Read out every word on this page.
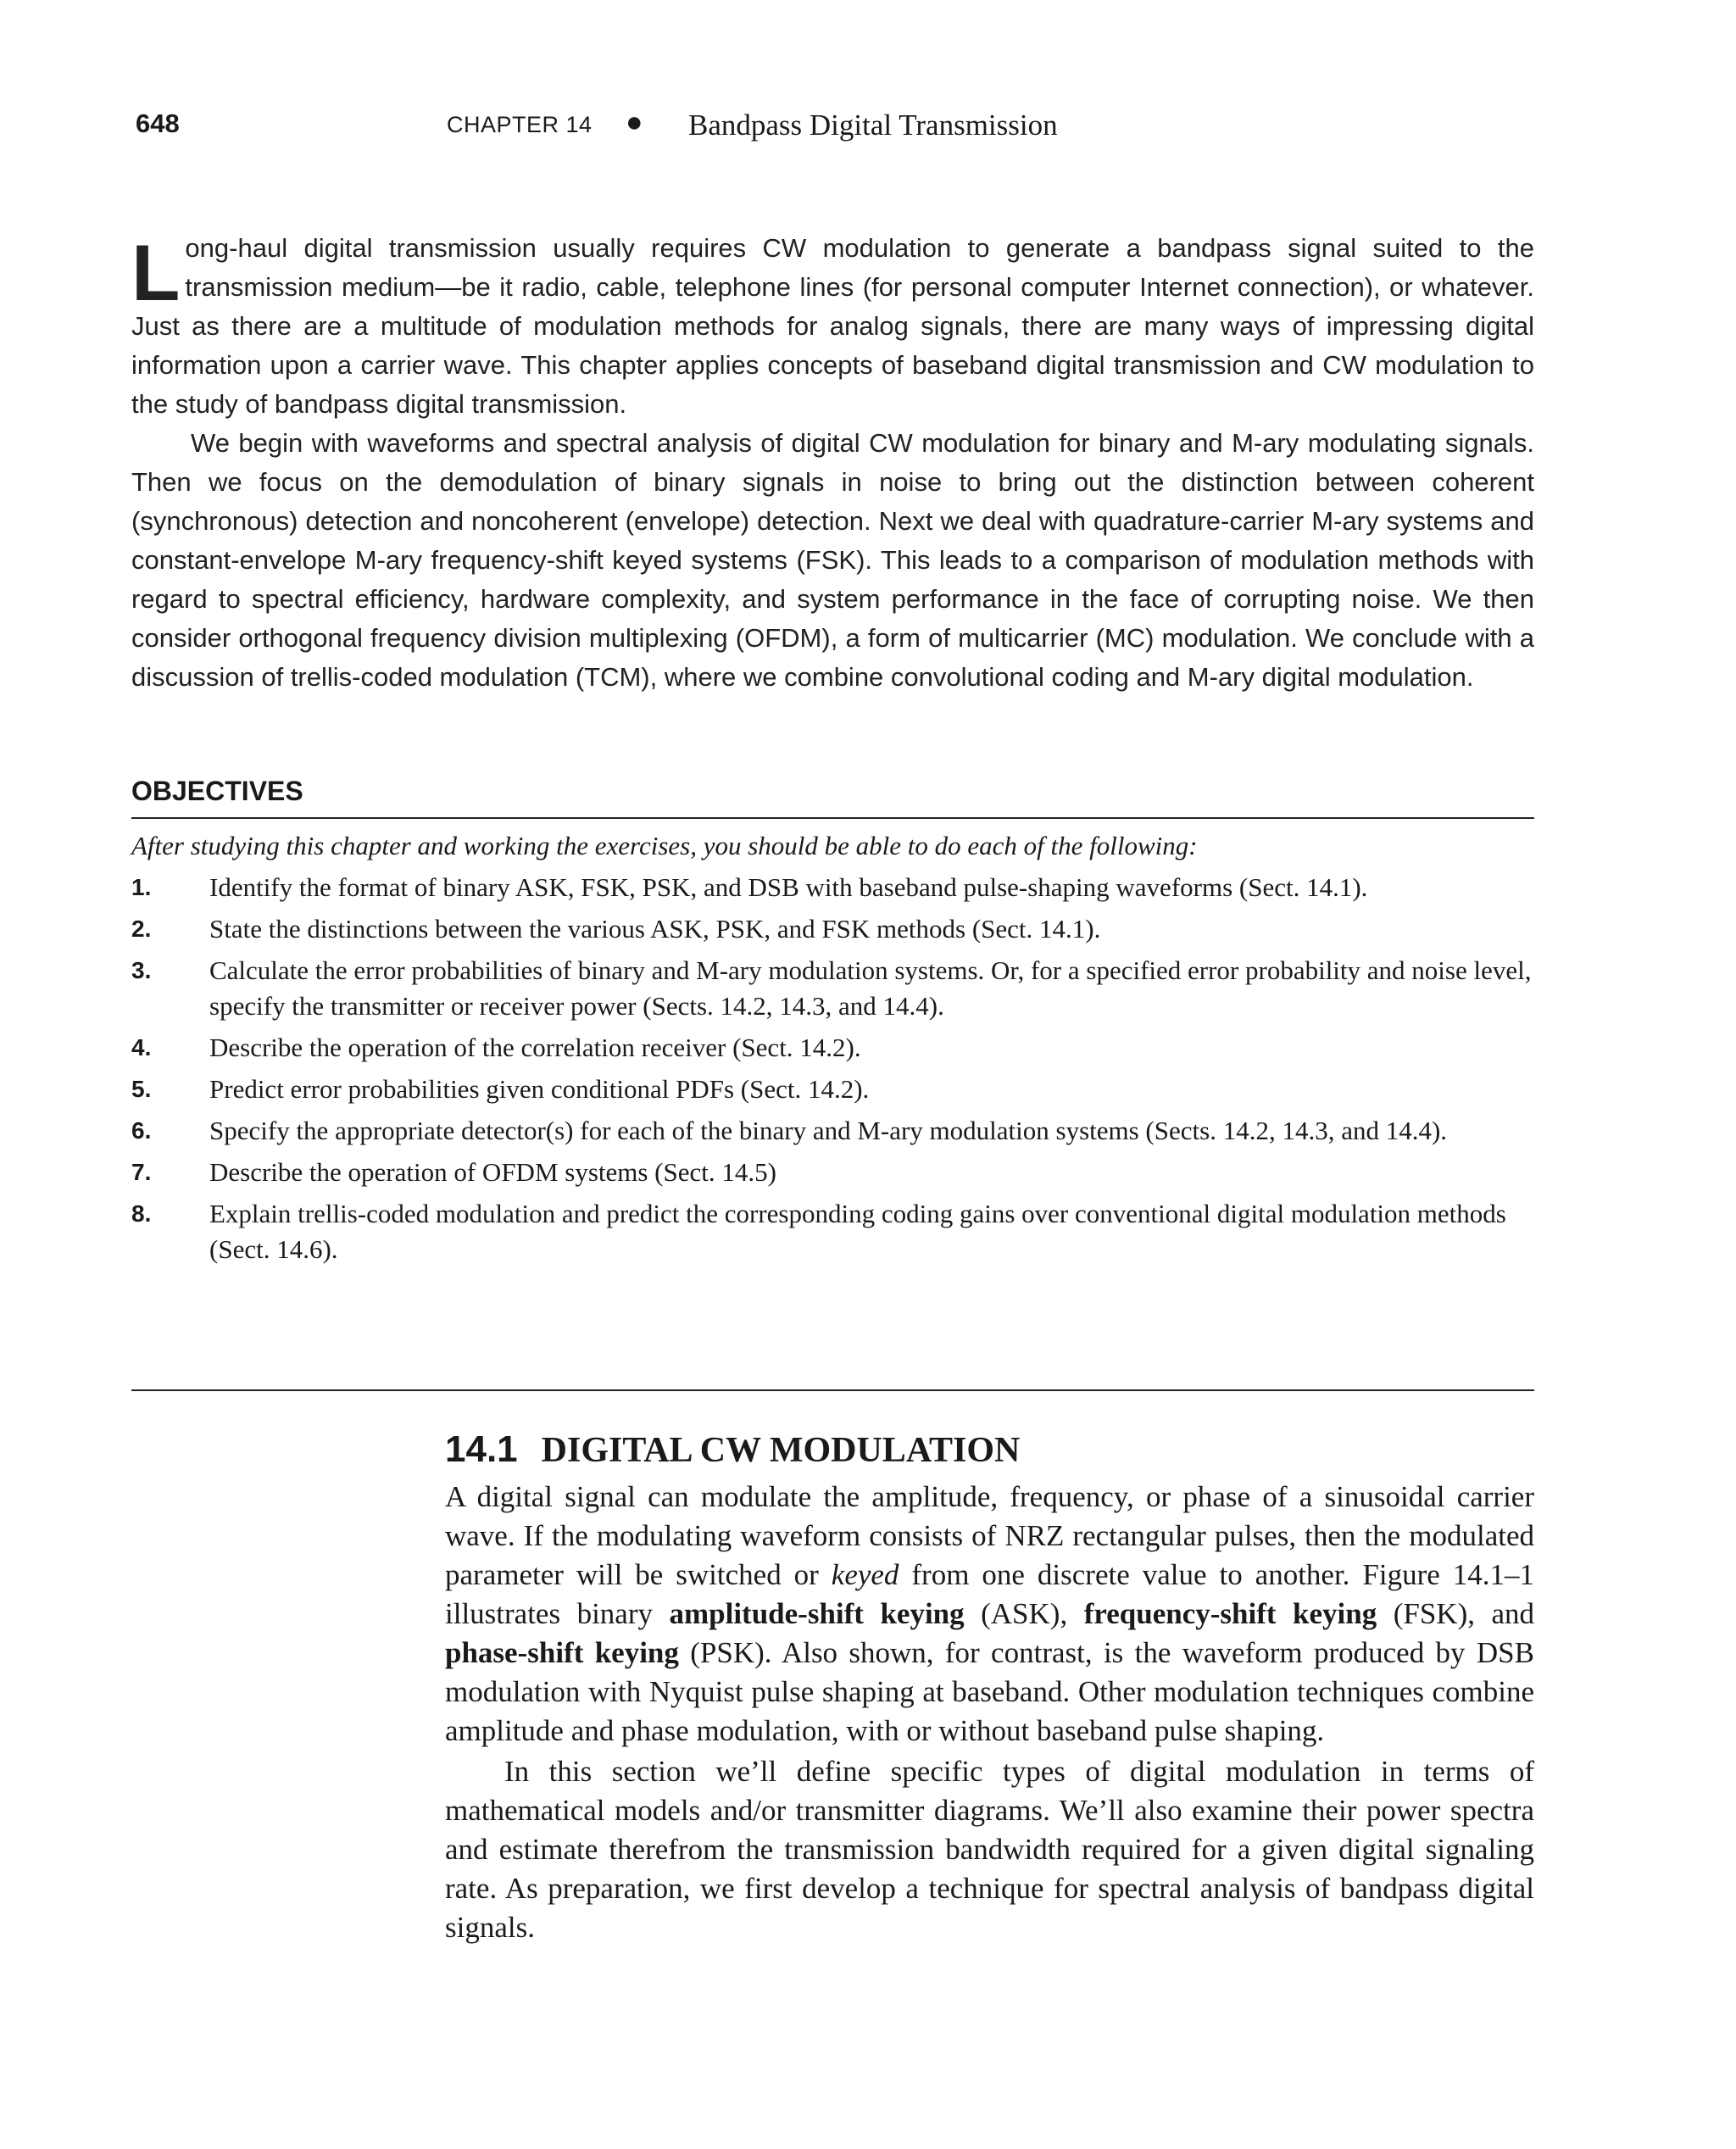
648	CHAPTER 14 ● Bandpass Digital Transmission

Long-haul digital transmission usually requires CW modulation to generate a bandpass signal suited to the transmission medium—be it radio, cable, telephone lines (for personal computer Internet connection), or whatever. Just as there are a multitude of modulation methods for analog signals, there are many ways of impressing digital information upon a carrier wave. This chapter applies concepts of baseband digital transmission and CW modulation to the study of bandpass digital transmission.

We begin with waveforms and spectral analysis of digital CW modulation for binary and M-ary modulating signals. Then we focus on the demodulation of binary signals in noise to bring out the distinction between coherent (synchronous) detection and noncoherent (envelope) detection. Next we deal with quadrature-carrier M-ary systems and constant-envelope M-ary frequency-shift keyed systems (FSK). This leads to a comparison of modulation methods with regard to spectral efficiency, hardware complexity, and system performance in the face of corrupting noise. We then consider orthogonal frequency division multiplexing (OFDM), a form of multicarrier (MC) modulation. We conclude with a discussion of trellis-coded modulation (TCM), where we combine convolutional coding and M-ary digital modulation.

OBJECTIVES

After studying this chapter and working the exercises, you should be able to do each of the following:

1. Identify the format of binary ASK, FSK, PSK, and DSB with baseband pulse-shaping waveforms (Sect. 14.1).
2. State the distinctions between the various ASK, PSK, and FSK methods (Sect. 14.1).
3. Calculate the error probabilities of binary and M-ary modulation systems. Or, for a specified error probability and noise level, specify the transmitter or receiver power (Sects. 14.2, 14.3, and 14.4).
4. Describe the operation of the correlation receiver (Sect. 14.2).
5. Predict error probabilities given conditional PDFs (Sect. 14.2).
6. Specify the appropriate detector(s) for each of the binary and M-ary modulation systems (Sects. 14.2, 14.3, and 14.4).
7. Describe the operation of OFDM systems (Sect. 14.5)
8. Explain trellis-coded modulation and predict the corresponding coding gains over conventional digital modulation methods (Sect. 14.6).
14.1 DIGITAL CW MODULATION

A digital signal can modulate the amplitude, frequency, or phase of a sinusoidal carrier wave. If the modulating waveform consists of NRZ rectangular pulses, then the modulated parameter will be switched or keyed from one discrete value to another. Figure 14.1–1 illustrates binary amplitude-shift keying (ASK), frequency-shift keying (FSK), and phase-shift keying (PSK). Also shown, for contrast, is the waveform produced by DSB modulation with Nyquist pulse shaping at baseband. Other modulation techniques combine amplitude and phase modulation, with or without baseband pulse shaping.

In this section we’ll define specific types of digital modulation in terms of mathematical models and/or transmitter diagrams. We’ll also examine their power spectra and estimate therefrom the transmission bandwidth required for a given digital signaling rate. As preparation, we first develop a technique for spectral analysis of bandpass digital signals.
